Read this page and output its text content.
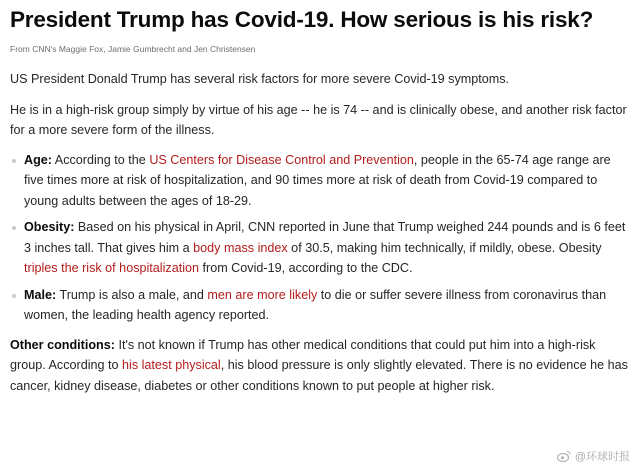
President Trump has Covid-19. How serious is his risk?
From CNN's Maggie Fox, Jamie Gumbrecht and Jen Christensen

US President Donald Trump has several risk factors for more severe Covid-19 symptoms.

He is in a high-risk group simply by virtue of his age -- he is 74 -- and is clinically obese, and another risk factor for a more severe form of the illness.

Age: According to the US Centers for Disease Control and Prevention, people in the 65-74 age range are five times more at risk of hospitalization, and 90 times more at risk of death from Covid-19 compared to young adults between the ages of 18-29.
Obesity: Based on his physical in April, CNN reported in June that Trump weighed 244 pounds and is 6 feet 3 inches tall. That gives him a body mass index of 30.5, making him technically, if mildly, obese. Obesity triples the risk of hospitalization from Covid-19, according to the CDC.
Male: Trump is also a male, and men are more likely to die or suffer severe illness from coronavirus than women, the leading health agency reported.

Other conditions: It's not known if Trump has other medical conditions that could put him into a high-risk group. According to his latest physical, his blood pressure is only slightly elevated. There is no evidence he has cancer, kidney disease, diabetes or other conditions known to put people at higher risk.

@环球时报
